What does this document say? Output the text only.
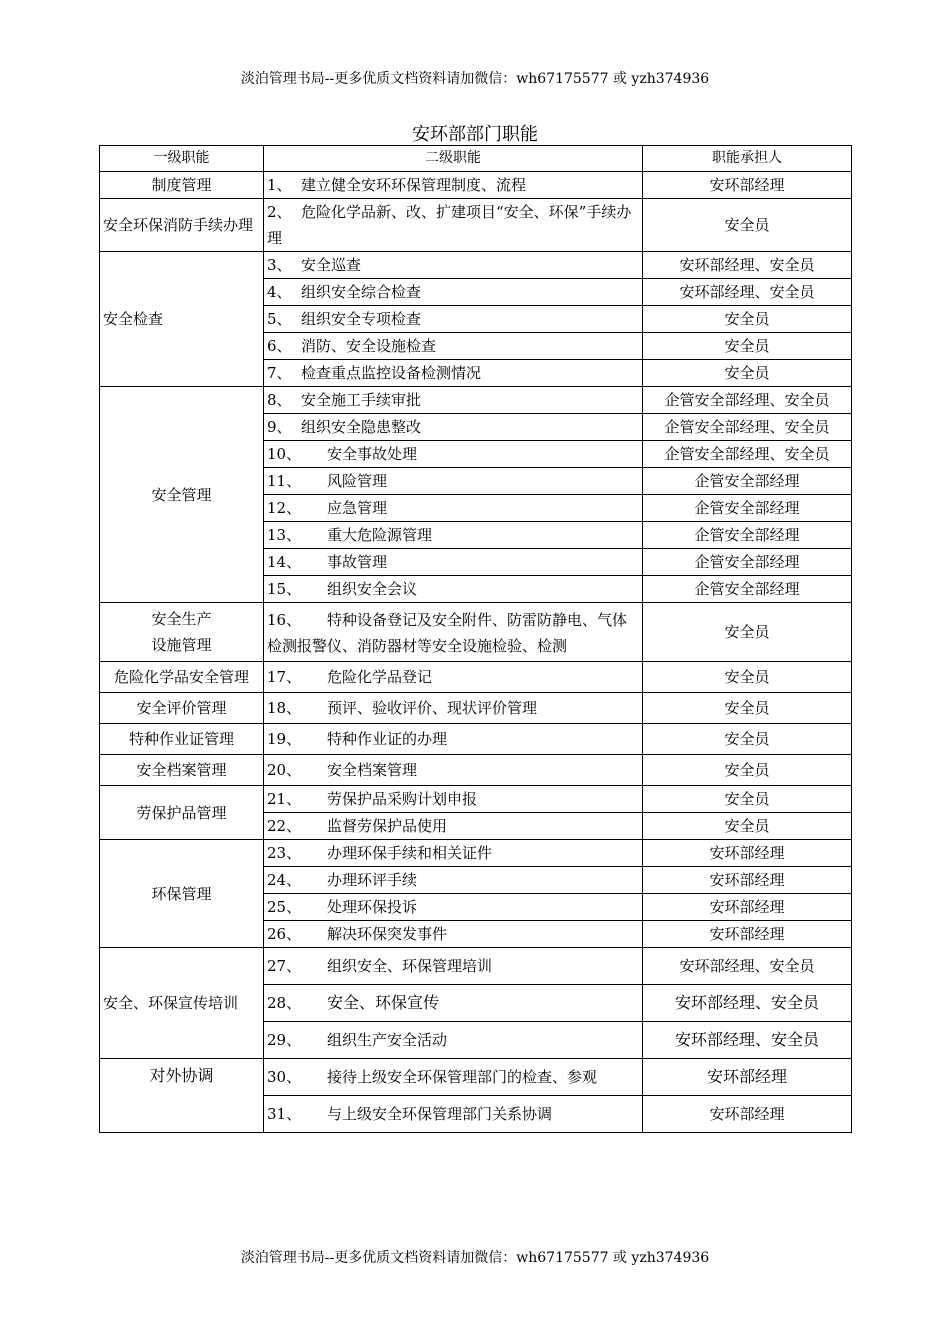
淡泊管理书局--更多优质文档资料请加微信：wh67175577 或 yzh374936
安环部部门职能
一级职能	二级职能	职能承担人
制度管理	1、 建立健全安环环保管理制度、流程	安环部经理
安全环保消防手续办理	2、 危险化学品新、改、扩建项目“安全、环保”手续办理	安全员
安全检查	3、 安全巡查	安环部经理、安全员
	4、 组织安全综合检查	安环部经理、安全员
	5、 组织安全专项检查	安全员
	6、 消防、安全设施检查	安全员
	7、 检查重点监控设备检测情况	安全员
安全管理	8、 安全施工手续审批	企管安全部经理、安全员
	9、 组织安全隐患整改	企管安全部经理、安全员
	10、 安全事故处理	企管安全部经理、安全员
	11、 风险管理	企管安全部经理
	12、 应急管理	企管安全部经理
	13、 重大危险源管理	企管安全部经理
	14、 事故管理	企管安全部经理
	15、 组织安全会议	企管安全部经理

安全生产
设施管理	16、 特种设备登记及安全附件、防雷防静电、气体检测报警仪、消防器材等安全设施检验、检测	安全员
危险化学品安全管理	17、 危险化学品登记	安全员
安全评价管理	18、 预评、验收评价、现状评价管理	安全员
特种作业证管理	19、 特种作业证的办理	安全员
安全档案管理	20、 安全档案管理	安全员
劳保护品管理	21、 劳保护品采购计划申报	安全员
	22、 监督劳保护品使用	安全员
环保管理	23、 办理环保手续和相关证件	安环部经理
	24、 办理环评手续	安环部经理
	25、 处理环保投诉	安环部经理
	26、 解决环保突发事件	安环部经理
安全、环保宣传培训	27、 组织安全、环保管理培训	安环部经理、安全员
	28、 安全、环保宣传	安环部经理、安全员
	29、 组织生产安全活动	安环部经理、安全员
对外协调	30、 接待上级安全环保管理部门的检查、参观	安环部经理
	31、 与上级安全环保管理部门关系协调	安环部经理
淡泊管理书局--更多优质文档资料请加微信：wh67175577 或 yzh374936
